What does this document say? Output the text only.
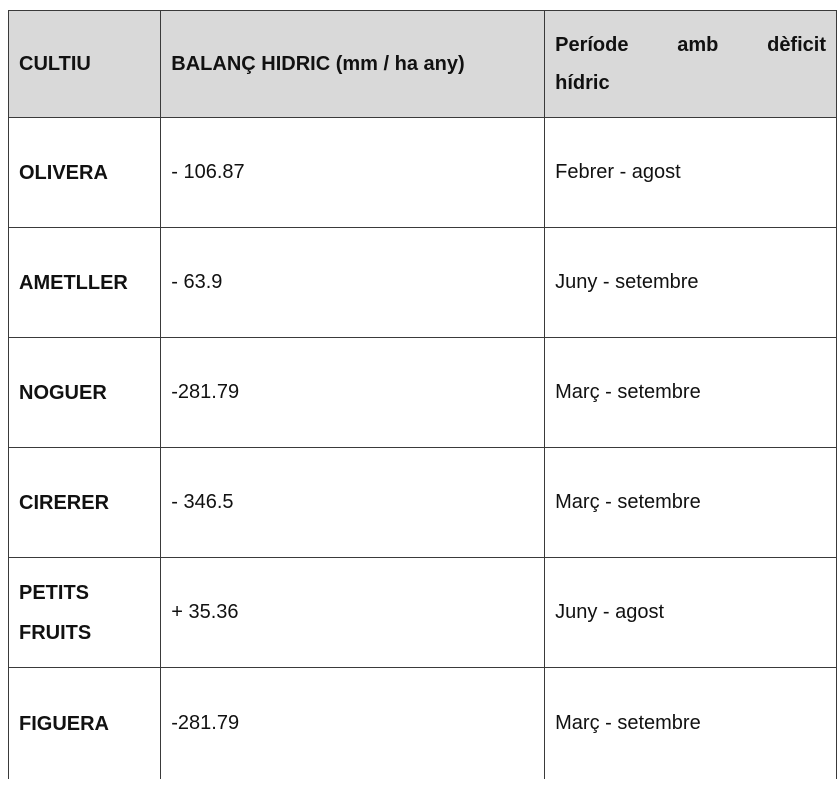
CULTIU	BALANÇ HIDRIC (mm / ha any)	Període amb dèficit
hídric
OLIVERA	- 106.87	Febrer - agost
AMETLLER	- 63.9	Juny - setembre
NOGUER	-281.79	Març - setembre
CIRERER	- 346.5	Març - setembre
PETITS FRUITS	+ 35.36	Juny - agost
FIGUERA	-281.79	Març - setembre
